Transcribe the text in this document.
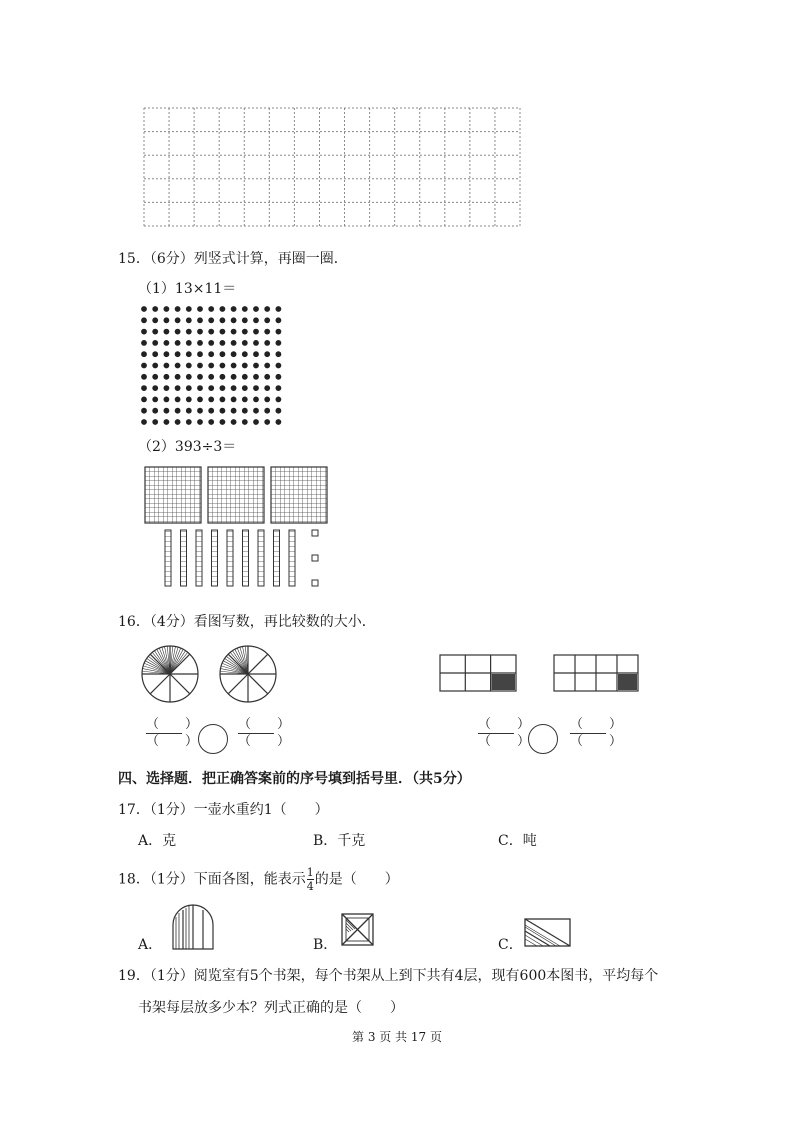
15．（6分）列竖式计算，再圈一圈．
（1）13×11＝
（2）393÷3＝
16．（4分）看图写数，再比较数的大小．
（　　）
（　　）
（　　）
（　　）
（　　）
（　　）
（　　）
（　　）
四、选择题．把正确答案前的序号填到括号里．（共5分）
17．（1分）一壶水重约1（　　）
A．克	B．千克	C．吨
18．（1分）下面各图，能表示 $\frac{1}{4}$ 的是（　　）
A．	B．	C．
19．（1分）阅览室有5个书架，每个书架从上到下共有4层，现有600本图书，平均每个
书架每层放多少本？列式正确的是（　　）
第 3 页 共 17 页
